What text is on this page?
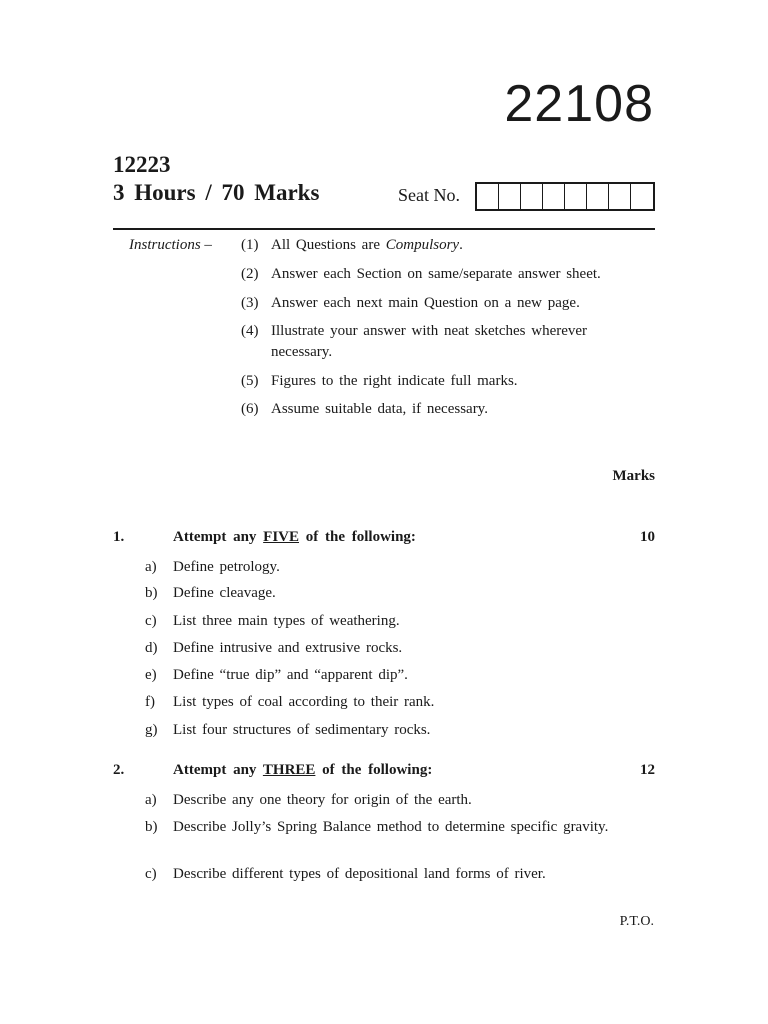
22108
12223
3 Hours / 70 Marks	Seat No.
Instructions – (1) All Questions are Compulsory.
(2) Answer each Section on same/separate answer sheet.
(3) Answer each next main Question on a new page.
(4) Illustrate your answer with neat sketches wherever necessary.
(5) Figures to the right indicate full marks.
(6) Assume suitable data, if necessary.
Marks
1.	Attempt any FIVE of the following:	10
a) Define petrology.
b) Define cleavage.
c) List three main types of weathering.
d) Define intrusive and extrusive rocks.
e) Define “true dip” and “apparent dip”.
f) List types of coal according to their rank.
g) List four structures of sedimentary rocks.
2.	Attempt any THREE of the following:	12
a) Describe any one theory for origin of the earth.
b) Describe Jolly’s Spring Balance method to determine specific gravity.
c) Describe different types of depositional land forms of river.
P.T.O.
